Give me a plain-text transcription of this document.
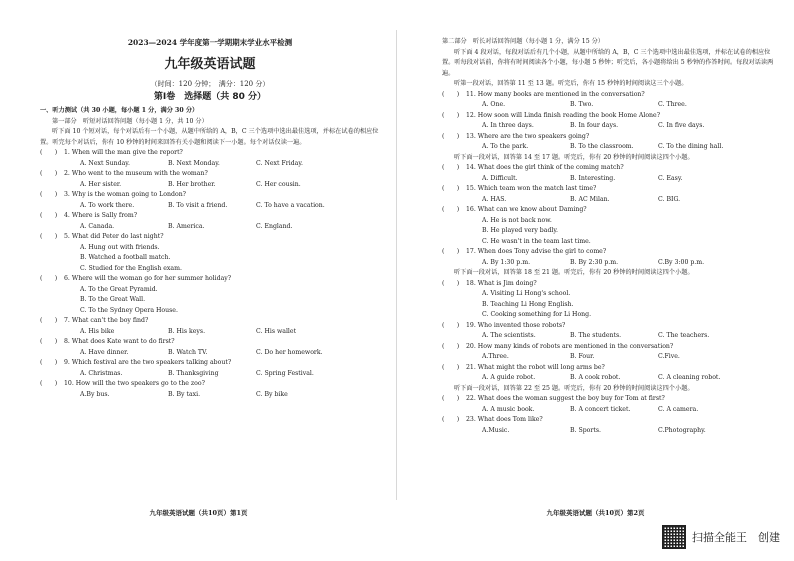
2023—2024 学年度第一学期期末学业水平检测
九年级英语试题
（时间：120 分钟；　满分：120 分）
第Ⅰ卷　选择题（共 80 分）
一、听力测试（共 30 小题，每小题 1 分，满分 30 分）
第一部分　听短对话回答问题（每小题 1 分，共 10 分）
听下面 10 个短对话，每个对话后有一个小题，从题中所给的 A，B，C 三个选项中选出最佳选项，并标在试卷的相应位置。听完每个对话后，你有 10 秒钟的时间来回答有关小题和阅读下一小题。每个对话仅读一遍。
(　　)	1. When will the man give the report?
A. Next Sunday.	B. Next Monday.	C. Next Friday.
(　　)	2. Who went to the museum with the woman?
A. Her sister.	B. Her brother.	C. Her cousin.
(　　)	3. Why is the woman going to London?
A. To work there.	B. To visit a friend.	C. To have a vacation.
(　　)	4. Where is Sally from?
A. Canada.	B. America.	C. England.
(　　)	5. What did Peter do last night?
A. Hung out with friends.
B. Watched a football match.
C. Studied for the English exam.
(　　)	6. Where will the woman go for her summer holiday?
A. To the Great Pyramid.
B. To the Great Wall.
C. To the Sydney Opera House.
(　　)	7. What can't the boy find?
A. His bike	B. His keys.	C. His wallet
(　　)	8. What does Kate want to do first?
A. Have dinner.	B. Watch TV.	C. Do her homework.
(　　)	9. Which festival are the two speakers talking about?
A. Christmas.	B. Thanksgiving	C. Spring Festival.
(　　)	10. How will the two speakers go to the zoo?
A.By bus.	B. By taxi.	C. By bike
九年级英语试题（共10页）第1页
第二部分　听长对话回答问题（每小题 1 分，满分 15 分）
听下面 4 段对话，每段对话后有几个小题，从题中所给的 A，B，C 三个选项中选出最佳选项，并标在试卷的相应位置。听每段对话前，你将有时间阅读各个小题，每小题 5 秒钟；听完后，各小题将给出 5 秒钟的作答时间。每段对话读两遍。
听第一段对话，回答第 11 至 13 题。听完后，你有 15 秒钟的时间阅读这三个小题。
(　　)	11. How many books are mentioned in the conversation?
A. One.	B. Two.	C. Three.
(　　)	12. How soon will Linda finish reading the book Home Alone?
A. In three days.	B. In four days.	C. In five days.
(　　)	13. Where are the two speakers going?
A. To the park.	B. To the classroom.	C. To the dining hall.
听下面一段对话，回答第 14 至 17 题。听完后，你有 20 秒钟的时间阅读这四个小题。
(　　)	14. What does the girl think of the coming match?
A. Difficult.	B. Interesting.	C. Easy.
(　　)	15. Which team won the match last time?
A. HAS.	B. AC Milan.	C. BIG.
(　　)	16. What can we know about Daming?
A. He is not back now.
B. He played very badly.
C. He wasn't in the team last time.
(　　)	17. When does Tony advise the girl to come?
A. By 1:30 p.m.	B. By 2:30 p.m.	C.By 3:00 p.m.
听下面一段对话，回答第 18 至 21 题。听完后，你有 20 秒钟的时间阅读这四个小题。
(　　)	18. What is Jim doing?
A. Visiting Li Hong's school.
B. Teaching Li Hong English.
C. Cooking something for Li Hong.
(　　)	19. Who invented those robots?
A. The scientists.	B. The students.	C. The teachers.
(　　)	20. How many kinds of robots are mentioned in the conversation?
A.Three.	B. Four.	C.Five.
(　　)	21. What might the robot will long arms be?
A. A guide robot.	B. A cook robot.	C. A cleaning robot.
听下面一段对话，回答第 22 至 25 题。听完后，你有 20 秒钟的时间阅读这四个小题。
(　　)	22. What does the woman suggest the boy buy for Tom at first?
A. A music book.	B. A concert ticket.	C. A camera.
(　　)	23. What does Tom like?
A.Music.	B. Sports.	C.Photography.
九年级英语试题（共10页）第2页
扫描全能王　创建
